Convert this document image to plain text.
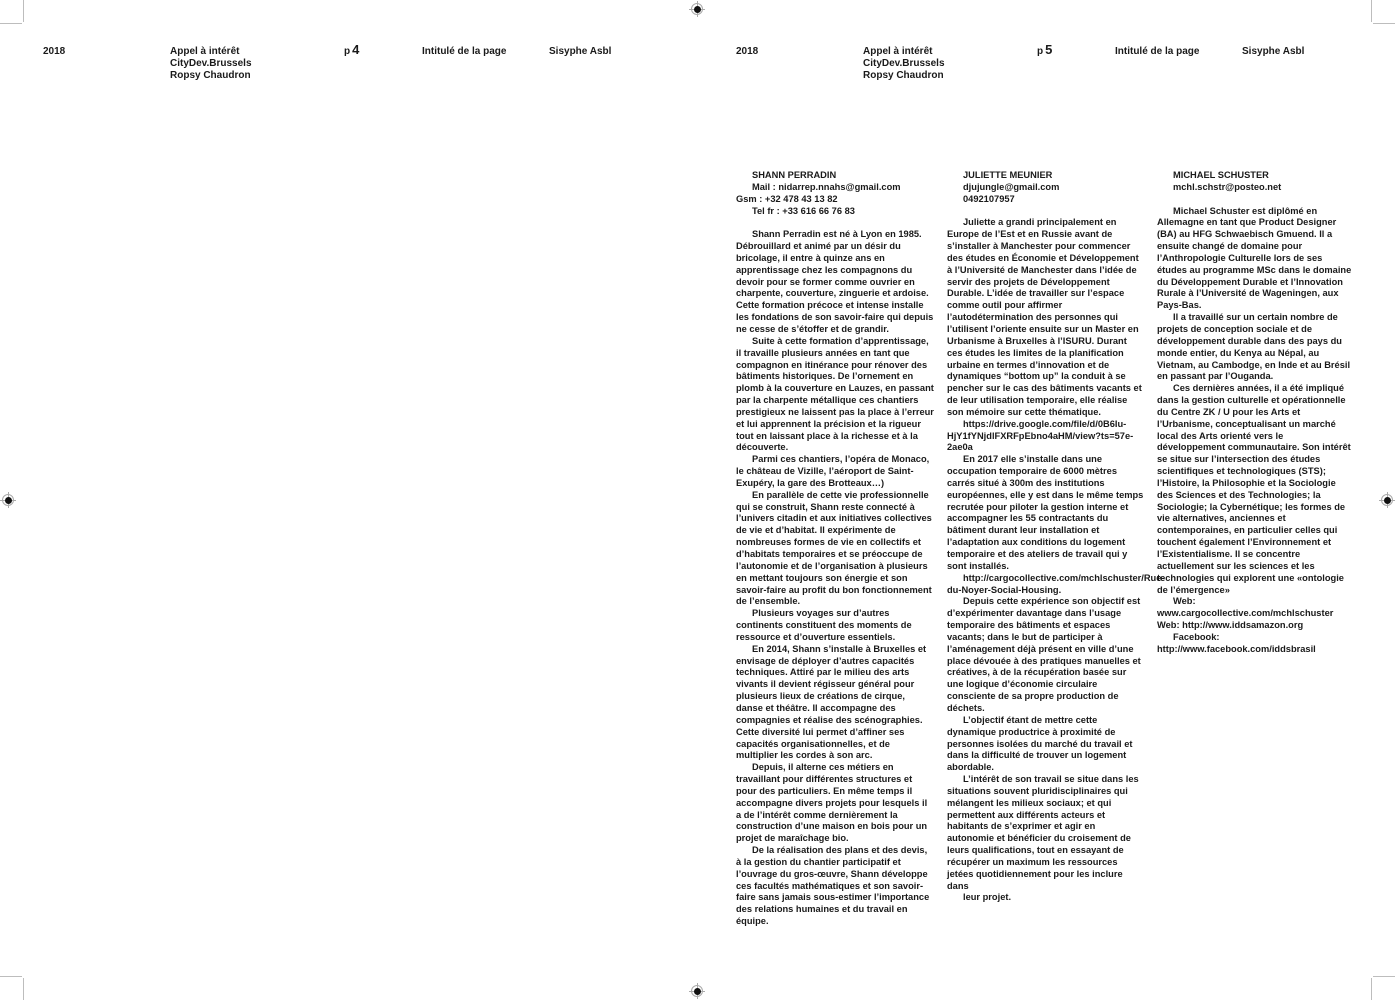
2018	Appel à intérêt
CityDev.Brussels
Ropsy Chaudron
p 4	Intitulé de la page	Sisyphe Asbl	2018	Appel à intérêt
CityDev.Brussels
Ropsy Chaudron
p 5	Intitulé de la page	Sisyphe Asbl
SHANN PERRADIN
Mail : nidarrep.nnahs@gmail.com
Gsm : +32 478 43 13 82
Tel fr : +33 616 66 76 83

Shann Perradin est né à Lyon en 1985. Débrouillard et animé par un désir du bricolage, il entre à quinze ans en apprentissage chez les compagnons du devoir pour se former comme ouvrier en charpente, couverture, zinguerie et ardoise. Cette formation précoce et intense installe les fondations de son savoir-faire qui depuis ne cesse de s’étoffer et de grandir.

Suite à cette formation d’apprentissage, il travaille plusieurs années en tant que compagnon en itinérance pour rénover des bâtiments historiques. De l’ornement en plomb à la couverture en Lauzes, en passant par la charpente métallique ces chantiers prestigieux ne laissent pas la place à l’erreur et lui apprennent la précision et la rigueur tout en laissant place à la richesse et à la découverte.

Parmi ces chantiers, l’opéra de Monaco, le château de Vizille, l’aéroport de Saint-Exupéry, la gare des Brotteaux…)

En parallèle de cette vie professionnelle qui se construit, Shann reste connecté à l’univers citadin et aux initiatives collectives de vie et d’habitat. Il expérimente de nombreuses formes de vie en collectifs et d’habitats temporaires et se préoccupe de l’autonomie et de l’organisation à plusieurs en mettant toujours son énergie et son savoir-faire au profit du bon fonctionnement de l’ensemble.

Plusieurs voyages sur d’autres continents constituent des moments de ressource et d’ouverture essentiels.

En 2014, Shann s’installe à Bruxelles et envisage de déployer d’autres capacités techniques. Attiré par le milieu des arts vivants il devient régisseur général pour plusieurs lieux de créations de cirque, danse et théâtre. Il accompagne des compagnies et réalise des scénographies. Cette diversité lui permet d’affiner ses capacités organisationnelles, et de multiplier les cordes à son arc.

Depuis, il alterne ces métiers en travaillant pour différentes structures et pour des particuliers. En même temps il accompagne divers projets pour lesquels il a de l’intérêt comme dernièrement la construction d’une maison en bois pour un projet de maraîchage bio.

De la réalisation des plans et des devis, à la gestion du chantier participatif et l’ouvrage du gros-œuvre, Shann développe ces facultés mathématiques et son savoir-faire sans jamais sous-estimer l’importance des relations humaines et du travail en équipe.

JULIETTE MEUNIER
djujungle@gmail.com
0492107957

Juliette a grandi principalement en Europe de l’Est et en Russie avant de s’installer à Manchester pour commencer des études en Économie et Développement à l’Université de Manchester dans l’idée de servir des projets de Développement Durable. L’idée de travailler sur l’espace comme outil pour affirmer l’autodétermination des personnes qui l’utilisent l’oriente ensuite sur un Master en Urbanisme à Bruxelles à l’ISURU. Durant ces études les limites de la planification urbaine en termes d’innovation et de dynamiques “bottom up” la conduit à se pencher sur le cas des bâtiments vacants et de leur utilisation temporaire, elle réalise son mémoire sur cette thématique.

https://drive.google.com/file/d/0B6Iu-HjY1fYNjdlFXRFpEbno4aHM/view?ts=57e-2ae0a

En 2017 elle s’installe dans une occupation temporaire de 6000 mètres carrés situé à 300m des institutions européennes, elle y est dans le même temps recrutée pour piloter la gestion interne et accompagner les 55 contractants du bâtiment durant leur installation et l’adaptation aux conditions du logement temporaire et des ateliers de travail qui y sont installés.

http://cargocollective.com/mchlschuster/Rue-du-Noyer-Social-Housing.

Depuis cette expérience son objectif est d’expérimenter davantage dans l’usage temporaire des bâtiments et espaces vacants; dans le but de participer à l’aménagement déjà présent en ville d’une place dévouée à des pratiques manuelles et créatives, à de la récupération basée sur une logique d’économie circulaire consciente de sa propre production de déchets.

L’objectif étant de mettre cette dynamique productrice à proximité de personnes isolées du marché du travail et dans la difficulté de trouver un logement abordable.

L’intérêt de son travail se situe dans les situations souvent pluridisciplinaires qui mélangent les milieux sociaux; et qui permettent aux différents acteurs et habitants de s’exprimer et agir en autonomie et bénéficier du croisement de leurs qualifications, tout en essayant de récupérer un maximum les ressources jetées quotidiennement pour les inclure dans

leur projet.

MICHAEL SCHUSTER
mchl.schstr@posteo.net

Michael Schuster est diplômé en Allemagne en tant que Product Designer (BA) au HFG Schwaebisch Gmuend. Il a ensuite changé de domaine pour l’Anthropologie Culturelle lors de ses études au programme MSc dans le domaine du Développement Durable et l’Innovation Rurale à l’Université de Wageningen, aux Pays-Bas.

Il a travaillé sur un certain nombre de projets de conception sociale et de développement durable dans des pays du monde entier, du Kenya au Népal, au Vietnam, au Cambodge, en Inde et au Brésil en passant par l’Ouganda.

Ces dernières années, il a été impliqué dans la gestion culturelle et opérationnelle du Centre ZK / U pour les Arts et l’Urbanisme, conceptualisant un marché local des Arts orienté vers le développement communautaire. Son intérêt se situe sur l’intersection des études scientifiques et technologiques (STS); l’Histoire, la Philosophie et la Sociologie des Sciences et des Technologies; la Sociologie; la Cybernétique; les formes de vie alternatives, anciennes et contemporaines, en particulier celles qui touchent également l’Environnement et l’Existentialisme. Il se concentre actuellement sur les sciences et les technologies qui explorent une «ontologie de l’émergence»

Web: www.cargocollective.com/mchlschuster Web: http://www.iddsamazon.org

Facebook: http://www.facebook.com/iddsbrasil
